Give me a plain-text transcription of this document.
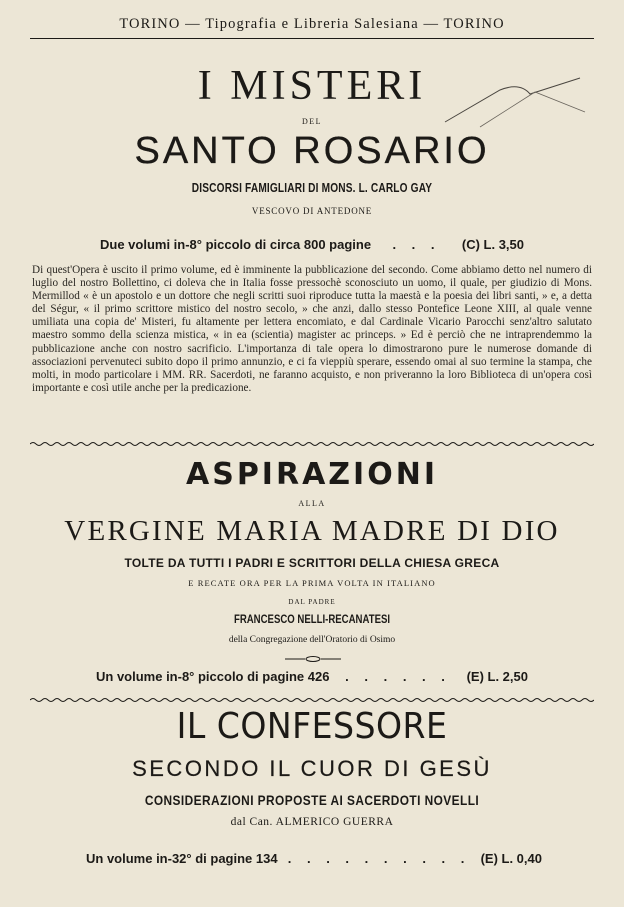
TORINO — Tipografia e Libreria Salesiana — TORINO
I MISTERI
DEL
SANTO ROSARIO
DISCORSI FAMIGLIARI DI MONS. L. CARLO GAY
VESCOVO DI ANTEDONE
Due volumi in-8° piccolo di circa 800 pagine . . . (C) L. 3,50
Di quest'Opera è uscito il primo volume, ed è imminente la pubblicazione del secondo. Come abbiamo detto nel numero di luglio del nostro Bollettino, ci doleva che in Italia fosse pressochè sconosciuto un uomo, il quale, per giudizio di Mons. Mermillod « è un apostolo e un dottore che negli scritti suoi riproduce tutta la maestà e la poesia dei libri santi, » e, a detta del Ségur, « il primo scrittore mistico del nostro secolo, » che anzi, dallo stesso Pontefice Leone XIII, al quale venne umiliata una copia de' Misteri, fu altamente per lettera encomiato, e dal Cardinale Vicario Parocchi senz'altro salutato maestro sommo della scienza mistica, « in ea (scientia) magister ac princeps. » Ed è perciò che ne intraprendemmo la pubblicazione anche con nostro sacrificio. L'importanza di tale opera lo dimostrarono pure le numerose domande di associazioni pervenuteci subito dopo il primo annunzio, e ci fa vieppiù sperare, essendo omai al suo termine la stampa, che molti, in modo particolare i MM. RR. Sacerdoti, ne faranno acquisto, e non priveranno la loro Biblioteca di un'opera così importante e così utile anche per la predicazione.
ASPIRAZIONI
ALLA
VERGINE MARIA MADRE DI DIO
TOLTE DA TUTTI I PADRI E SCRITTORI DELLA CHIESA GRECA
E RECATE ORA PER LA PRIMA VOLTA IN ITALIANO
DAL PADRE
FRANCESCO NELLI-RECANATESI
della Congregazione dell'Oratorio di Osimo
Un volume in-8° piccolo di pagine 426 . . . . . . (E) L. 2,50
IL CONFESSORE
SECONDO IL CUOR DI GESÙ
CONSIDERAZIONI PROPOSTE AI SACERDOTI NOVELLI
dal Can. ALMERICO GUERRA
Un volume in-32° di pagine 134 . . . . . . . . . . (E) L. 0,40
